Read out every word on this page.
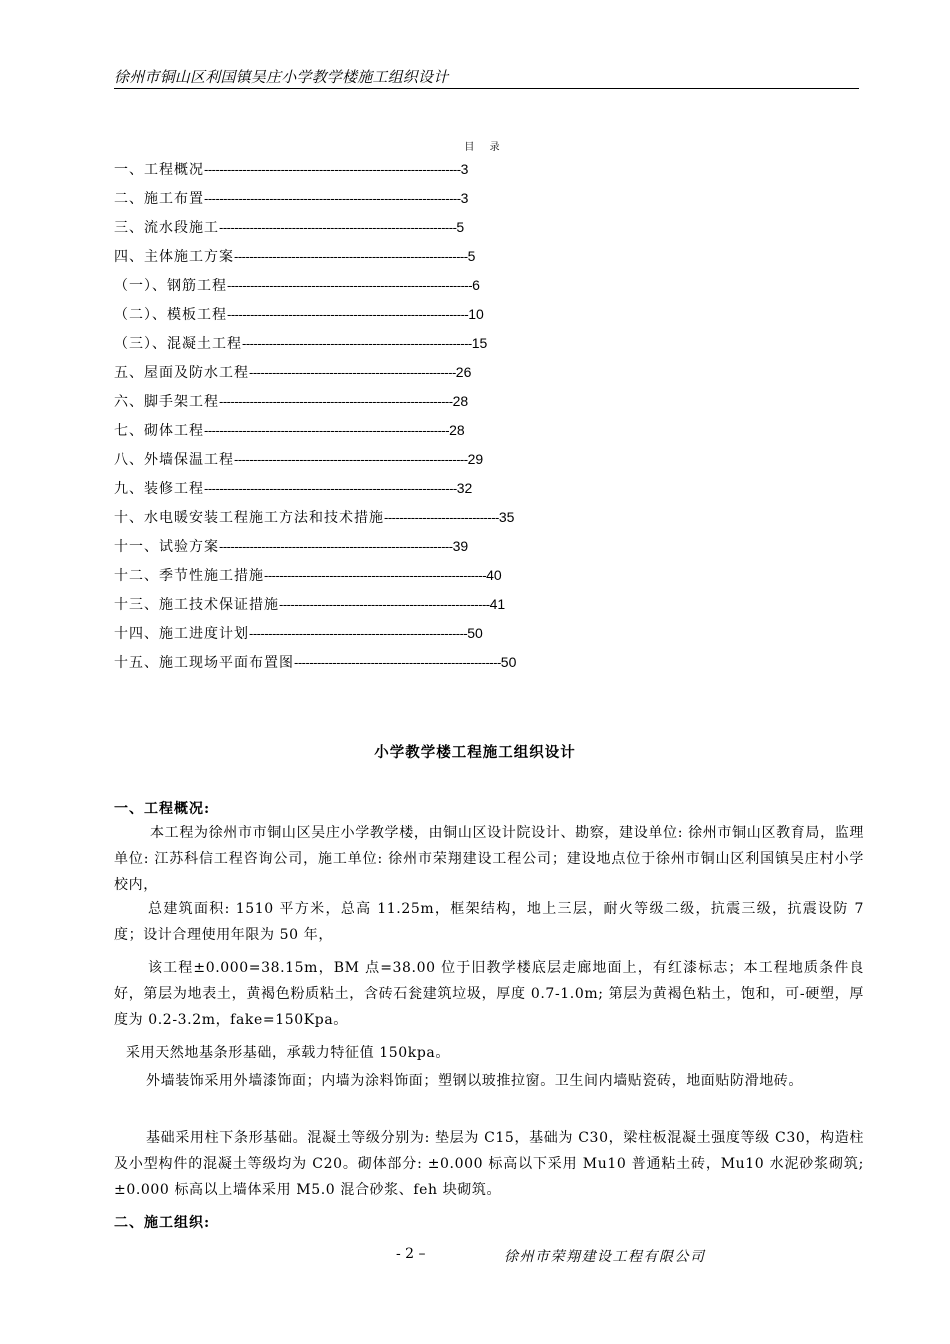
徐州市铜山区利国镇吴庄小学教学楼施工组织设计
目 录
一、工程概况-------------------------------------------------------------------3
二、施工布置-------------------------------------------------------------------3
三、流水段施工--------------------------------------------------------------5
四、主体施工方案-------------------------------------------------------------5
（一）、钢筋工程----------------------------------------------------------------6
（二）、模板工程---------------------------------------------------------------10
（三）、混凝土工程------------------------------------------------------------15
五、屋面及防水工程------------------------------------------------------26
六、脚手架工程-------------------------------------------------------------28
七、砌体工程----------------------------------------------------------------28
八、外墙保温工程-------------------------------------------------------------29
九、装修工程------------------------------------------------------------------32
十、水电暖安装工程施工方法和技术措施------------------------------35
十一、试验方案-------------------------------------------------------------39
十二、季节性施工措施----------------------------------------------------------40
十三、施工技术保证措施-------------------------------------------------------41
十四、施工进度计划---------------------------------------------------------50
十五、施工现场平面布置图------------------------------------------------------50
小学教学楼工程施工组织设计
一、工程概况:
本工程为徐州市市铜山区吴庄小学教学楼，由铜山区设计院设计、勘察，建设单位: 徐州市铜山区教育局，监理单位: 江苏科信工程咨询公司，施工单位: 徐州市荣翔建设工程公司；建设地点位于徐州市铜山区利国镇吴庄村小学校内，
总建筑面积: 1510 平方米，总高 11.25m，框架结构，地上三层，耐火等级二级，抗震三级，抗震设防 7 度；设计合理使用年限为 50 年，
该工程±0.000=38.15m，BM 点=38.00 位于旧教学楼底层走廊地面上，有红漆标志；本工程地质条件良好，第层为地表土，黄褐色粉质粘土，含砖石瓮建筑垃圾，厚度 0.7-1.0m; 第层为黄褐色粘土，饱和，可-硬塑，厚度为 0.2-3.2m，fake=150Kpa。
采用天然地基条形基础，承载力特征值 150kpa。
外墙装饰采用外墙漆饰面；内墙为涂料饰面；塑钢以玻推拉窗。卫生间内墙贴瓷砖，地面贴防滑地砖。
基础采用柱下条形基础。混凝土等级分别为: 垫层为 C15，基础为 C30，梁柱板混凝土强度等级 C30，构造柱及小型构件的混凝土等级均为 C20。砌体部分: ±0.000 标高以下采用 Mu10 普通粘土砖，Mu10 水泥砂浆砌筑; ±0.000 标高以上墙体采用 M5.0 混合砂浆、feh 块砌筑。
二、施工组织:
- 2 –	徐州市荣翔建设工程有限公司
